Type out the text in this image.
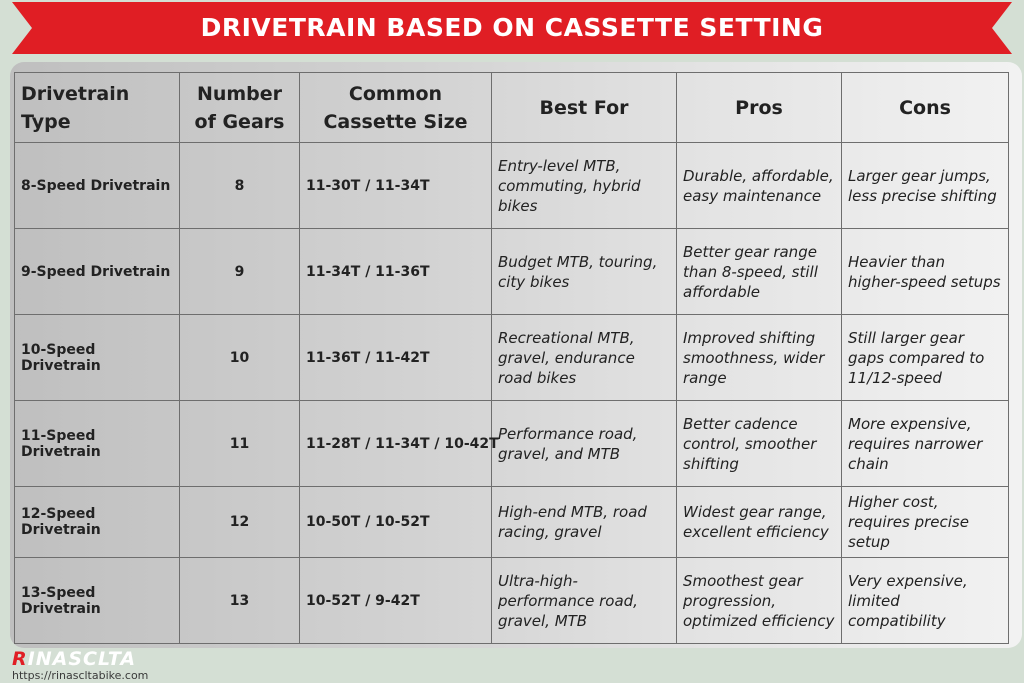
DRIVETRAIN BASED ON CASSETTE SETTING
Drivetrain Type	Number of Gears	Common Cassette Size	Best For	Pros	Cons
8-Speed Drivetrain	8	11-30T / 11-34T	Entry-level MTB, commuting, hybrid bikes	Durable, affordable, easy maintenance	Larger gear jumps, less precise shifting
9-Speed Drivetrain	9	11-34T / 11-36T	Budget MTB, touring, city bikes	Better gear range than 8-speed, still affordable	Heavier than higher-speed setups
10-Speed Drivetrain	10	11-36T / 11-42T	Recreational MTB, gravel, endurance road bikes	Improved shifting smoothness, wider range	Still larger gear gaps compared to 11/12-speed
11-Speed Drivetrain	11	11-28T / 11-34T / 10-42T	Performance road, gravel, and MTB	Better cadence control, smoother shifting	More expensive, requires narrower chain
12-Speed Drivetrain	12	10-50T / 10-52T	High-end MTB, road racing, gravel	Widest gear range, excellent efficiency	Higher cost, requires precise setup
13-Speed Drivetrain	13	10-52T / 9-42T	Ultra-high-performance road, gravel, MTB	Smoothest gear progression, optimized efficiency	Very expensive, limited compatibility
RINASCLTA
https://rinascltabike.com
